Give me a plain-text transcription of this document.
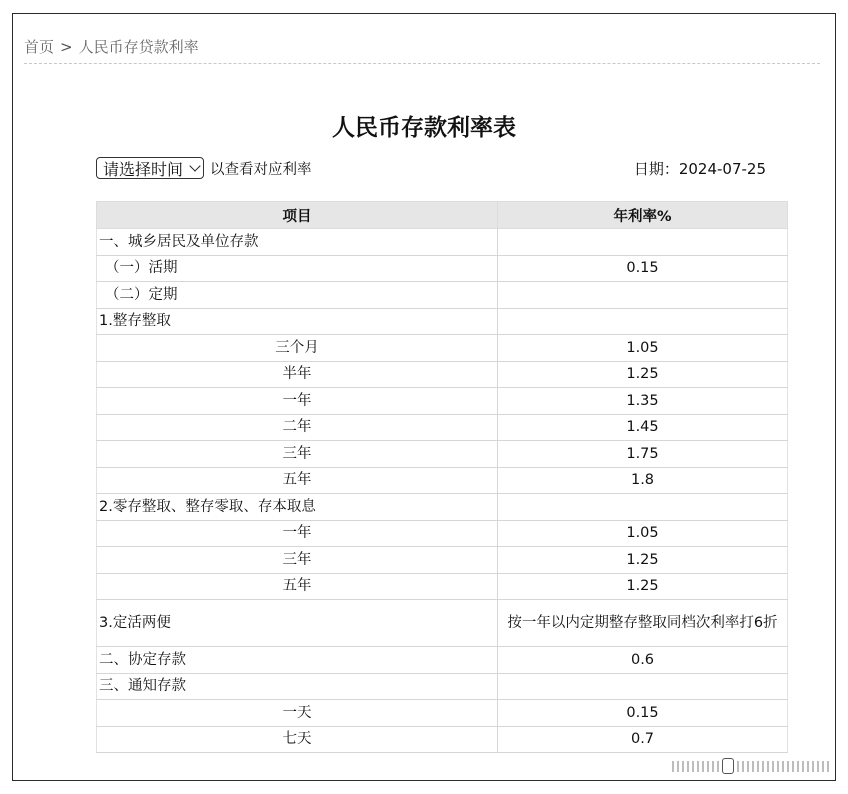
首页 > 人民币存贷款利率
人民币存款利率表
请选择时间 以查看对应利率	日期：2024-07-25
项目	年利率%
一、城乡居民及单位存款	
（一）活期	0.15
（二）定期	
1.整存整取	
三个月	1.05
半年	1.25
一年	1.35
二年	1.45
三年	1.75
五年	1.8
2.零存整取、整存零取、存本取息	
一年	1.05
三年	1.25
五年	1.25
3.定活两便	按一年以内定期整存整取同档次利率打6折
二、协定存款	0.6
三、通知存款	
一天	0.15
七天	0.7
